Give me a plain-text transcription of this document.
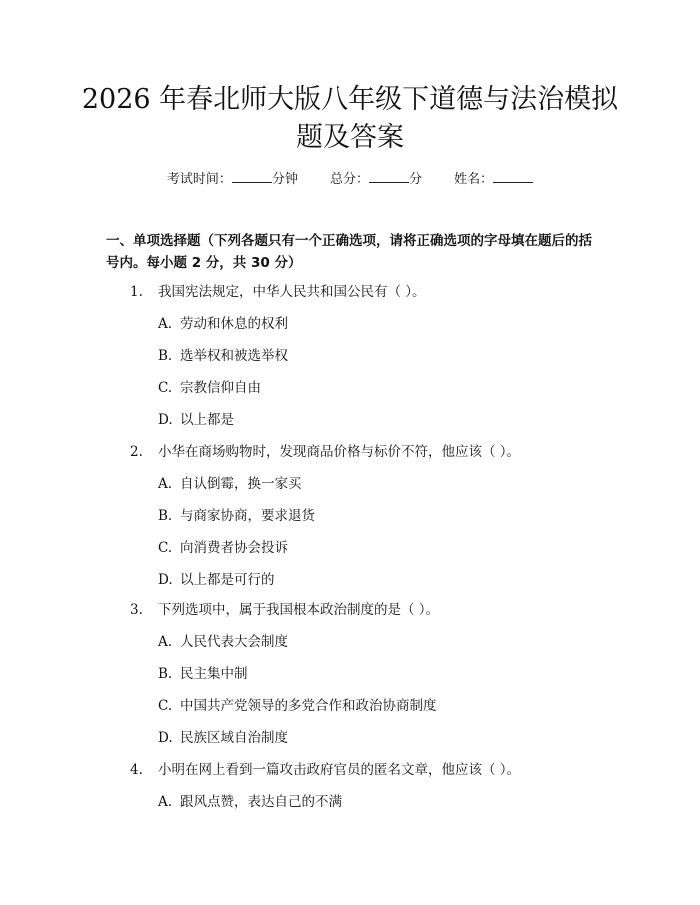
2026 年春北师大版八年级下道德与法治模拟
题及答案
考试时间：	分钟 总分：	分 姓名：
一、单项选择题（下列各题只有一个正确选项，请将正确选项的字母填在题后的括号内。每小题 2 分，共 30 分）
1. 我国宪法规定，中华人民共和国公民有（ ）。
A. 劳动和休息的权利
B. 选举权和被选举权
C. 宗教信仰自由
D. 以上都是
2. 小华在商场购物时，发现商品价格与标价不符，他应该（ ）。
A. 自认倒霉，换一家买
B. 与商家协商，要求退货
C. 向消费者协会投诉
D. 以上都是可行的
3. 下列选项中，属于我国根本政治制度的是（ ）。
A. 人民代表大会制度
B. 民主集中制
C. 中国共产党领导的多党合作和政治协商制度
D. 民族区域自治制度
4. 小明在网上看到一篇攻击政府官员的匿名文章，他应该（ ）。
A. 跟风点赞，表达自己的不满
